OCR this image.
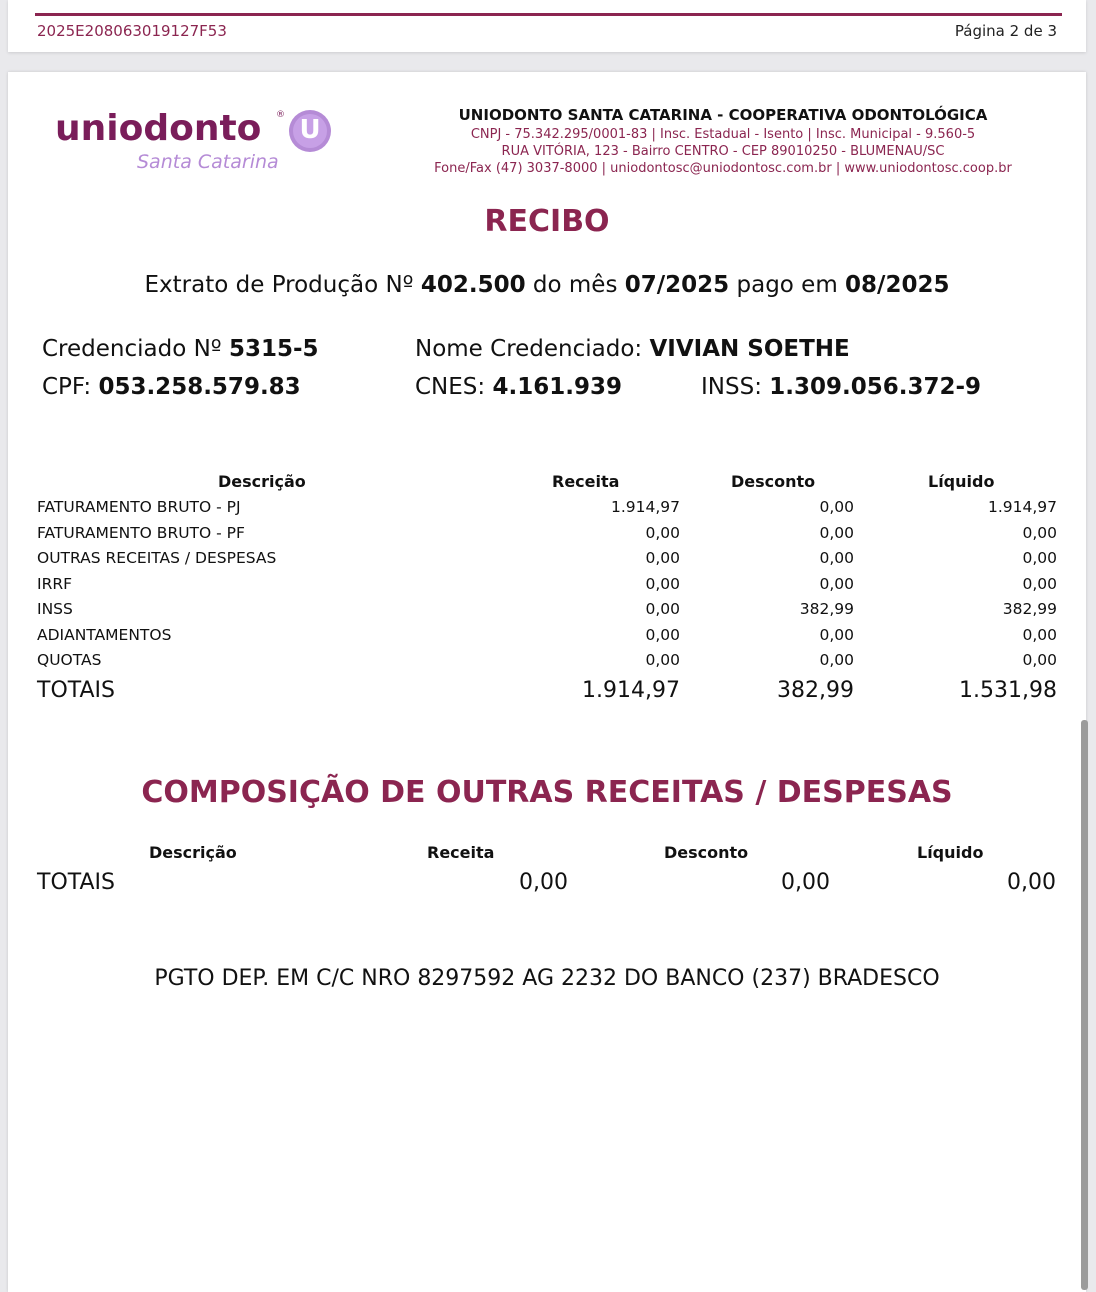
2025E208063019127F53	Página 2 de 3
uniodonto ® U
Santa Catarina
UNIODONTO SANTA CATARINA - COOPERATIVA ODONTOLÓGICA
CNPJ - 75.342.295/0001-83 | Insc. Estadual - Isento | Insc. Municipal - 9.560-5
RUA VITÓRIA, 123 - Bairro CENTRO - CEP 89010250 - BLUMENAU/SC
Fone/Fax (47) 3037-8000 | uniodontosc@uniodontosc.com.br | www.uniodontosc.coop.br
RECIBO
Extrato de Produção Nº 402.500 do mês 07/2025 pago em 08/2025
Credenciado Nº 5315-5	Nome Credenciado: VIVIAN SOETHE
CPF: 053.258.579.83	CNES: 4.161.939	INSS: 1.309.056.372-9
Descrição	Receita	Desconto	Líquido
FATURAMENTO BRUTO - PJ	1.914,97	0,00	1.914,97
FATURAMENTO BRUTO - PF	0,00	0,00	0,00
OUTRAS RECEITAS / DESPESAS	0,00	0,00	0,00
IRRF	0,00	0,00	0,00
INSS	0,00	382,99	382,99
ADIANTAMENTOS	0,00	0,00	0,00
QUOTAS	0,00	0,00	0,00
TOTAIS	1.914,97	382,99	1.531,98
COMPOSIÇÃO DE OUTRAS RECEITAS / DESPESAS
Descrição	Receita	Desconto	Líquido
TOTAIS	0,00	0,00	0,00
PGTO DEP. EM C/C NRO 8297592 AG 2232 DO BANCO (237) BRADESCO
